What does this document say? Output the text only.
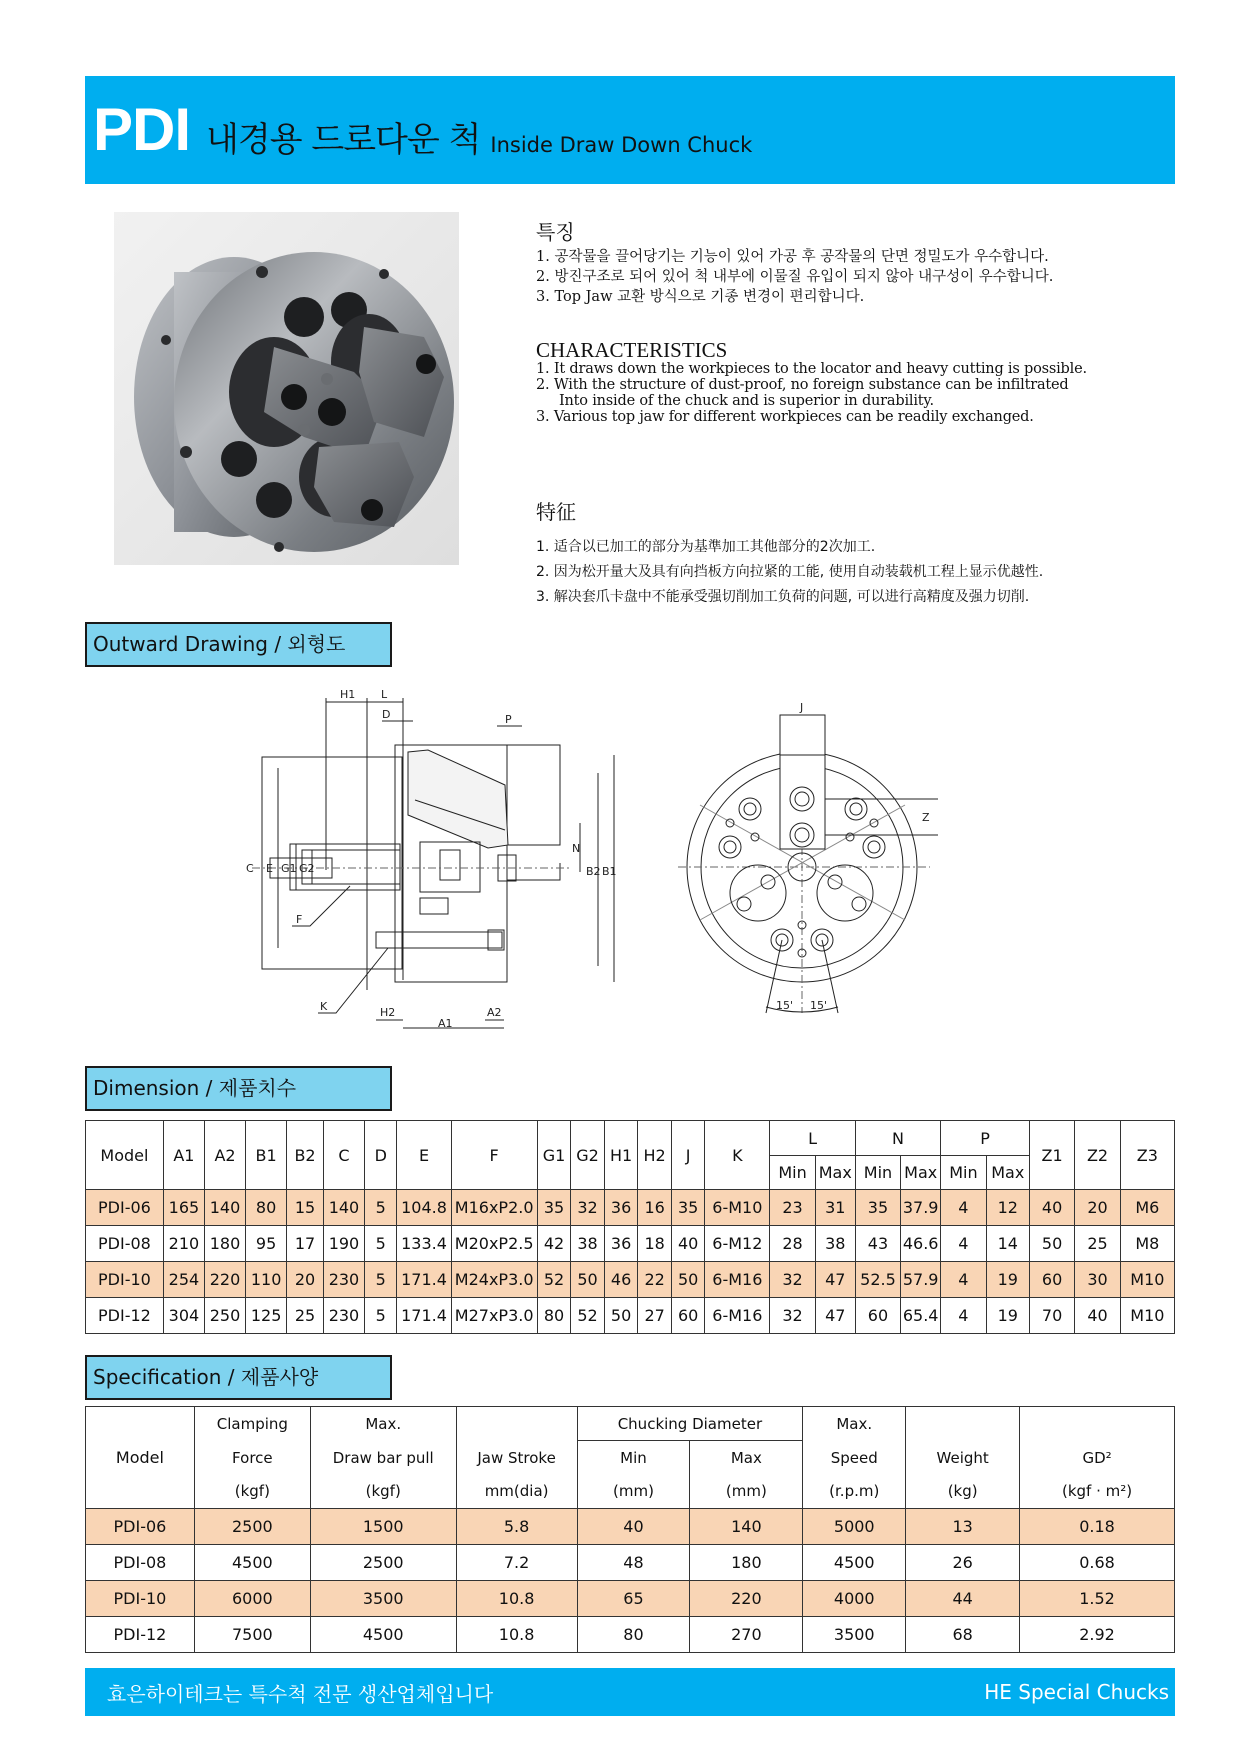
PDI 내경용 드로다운 척 Inside Draw Down Chuck
특징
1. 공작물을 끌어당기는 기능이 있어 가공 후 공작물의 단면 정밀도가 우수합니다.
2. 방진구조로 되어 있어 척 내부에 이물질 유입이 되지 않아 내구성이 우수합니다.
3. Top Jaw 교환 방식으로 기종 변경이 편리합니다.
CHARACTERISTICS
1. It draws down the workpieces to the locator and heavy cutting is possible.
2. With the structure of dust-proof, no foreign substance can be infiltrated
Into inside of the chuck and is superior in durability.
3. Various top jaw for different workpieces can be readily exchanged.
特征
1. 适合以已加工的部分为基準加工其他部分的2次加工.
2. 因为松开量大及具有向挡板方向拉紧的工能, 使用自动装载机工程上显示优越性.
3. 解决套爪卡盘中不能承受强切削加工负荷的问题, 可以进行高精度及强力切削.
Outward Drawing / 외형도
H1 L
D	P
C E G1 G2
N
B2 B1
F
K	H2	A2
A1
J
Z
15' 15'
Dimension / 제품치수
Model	A1	A2	B1	B2	C	D	E	F	G1	G2	H1	H2	J	K	L		N		P		Z1	Z2	Z3
															Min	Max	Min	Max	Min	Max			
PDI-06	165	140	80	15	140	5	104.8	M16xP2.0	35	32	36	16	35	6-M10	23	31	35	37.9	4	12	40	20	M6
PDI-08	210	180	95	17	190	5	133.4	M20xP2.5	42	38	36	18	40	6-M12	28	38	43	46.6	4	14	50	25	M8
PDI-10	254	220	110	20	230	5	171.4	M24xP3.0	52	50	46	22	50	6-M16	32	47	52.5	57.9	4	19	60	30	M10
PDI-12	304	250	125	25	230	5	171.4	M27xP3.0	80	52	50	27	60	6-M16	32	47	60	65.4	4	19	70	40	M10
Specification / 제품사양
Model	Clamping	Max.		Chucking Diameter		Max.		
	Force	Draw bar pull	Jaw Stroke	Min	Max	Speed	Weight	GD²
	(kgf)	(kgf)	mm(dia)	(mm)	(mm)	(r.p.m)	(kg)	(kgf · m²)
PDI-06	2500	1500	5.8	40	140	5000	13	0.18
PDI-08	4500	2500	7.2	48	180	4500	26	0.68
PDI-10	6000	3500	10.8	65	220	4000	44	1.52
PDI-12	7500	4500	10.8	80	270	3500	68	2.92
효은하이테크는 특수척 전문 생산업체입니다	HE Special Chucks
